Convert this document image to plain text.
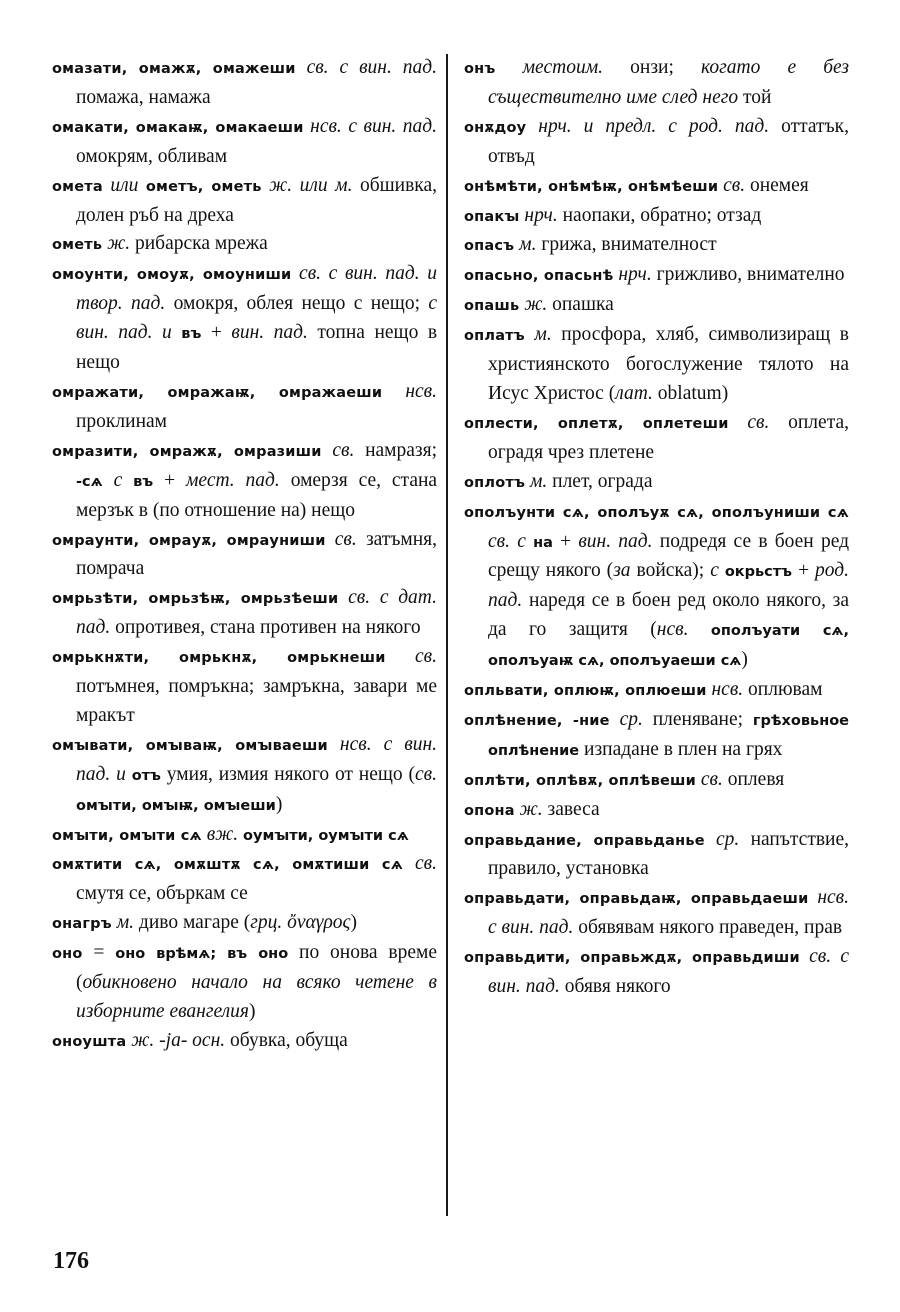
омазати, омажѫ, омажеши св. с вин. пад. помажа, намажа

омакати, омакаѭ, омакаеши нсв. с вин. пад. омокрям, обливам

омета или ометъ, ометь ж. или м. обшивка, долен ръб на дреха

ометь ж. рибарска мрежа

омоунти, омоуѫ, омоуниши св. с вин. пад. и твор. пад. омокря, облея нещо с нещо; с вин. пад. и въ + вин. пад. топна нещо в нещо

омражати, омражаѭ, омражаеши нсв. проклинам

омразити, омражѫ, омразиши св. намразя; -сѧ с въ + мест. пад. омерзя се, стана мерзък в (по отношение на) нещо

омраунти, омрауѫ, омрауниши св. затъмня, помрача

омрьзѣти, омрьзѣѭ, омрьзѣеши св. с дат. пад. опротивея, стана противен на някого

омрькнѫти, омрькнѫ, омрькнеши св. потъмнея, помръкна; замръкна, завари ме мракът

омꙑвати, омꙑваѭ, омꙑваеши нсв. с вин. пад. и отъ умия, измия някого от нещо (св. омꙑти, омꙑѭ, омꙑеши)

омꙑти, омꙑти сѧ вж. оумꙑти, оумꙑти сѧ

омѫтити сѧ, омѫштѫ сѧ, омѫтиши сѧ св. смутя се, объркам се

онагръ м. диво магаре (грц. ὄναγρος)

оно = оно врѣмѧ; въ оно по онова време (обикновено начало на всяко четене в изборните евангелия)

оноушта ж. -ja- осн. обувка, обуща

онъ местоим. онзи; когато е без съществително име след него той

онѫдоу нрч. и предл. с род. пад. оттатък, отвъд

онѣмѣти, онѣмѣѭ, онѣмѣеши св. онемея

опакꙑ нрч. наопаки, обратно; отзад

опасъ м. грижа, внимателност

опасьно, опасьнѣ нрч. грижливо, внимателно

опашь ж. опашка

оплатъ м. просфора, хляб, символизиращ в християнското богослужение тялото на Исус Христос (лат. oblatum)

оплести, оплетѫ, оплетеши св. оплета, оградя чрез плетене

оплотъ м. плет, ограда

ополъунти сѧ, ополъуѫ сѧ, ополъуниши сѧ св. с на + вин. пад. подредя се в боен ред срещу някого (за войска); с окрьстъ + род. пад. наредя се в боен ред около някого, за да го защитя (нсв. ополъуати сѧ, ополъуаѭ сѧ, ополъуаеши сѧ)

опльвати, оплюѭ, оплюеши нсв. оплювам

оплѣнение, -ние ср. пленяване; грѣховьное оплѣнение изпадане в плен на грях

оплѣти, оплѣвѫ, оплѣвеши св. оплевя

опона ж. завеса

оправьдание, оправьданье ср. напътствие, правило, установка

оправьдати, оправьдаѭ, оправьдаеши нсв. с вин. пад. обявявам някого праведен, прав

оправьдити, оправьждѫ, оправьдиши св. с вин. пад. обявя някого

176
